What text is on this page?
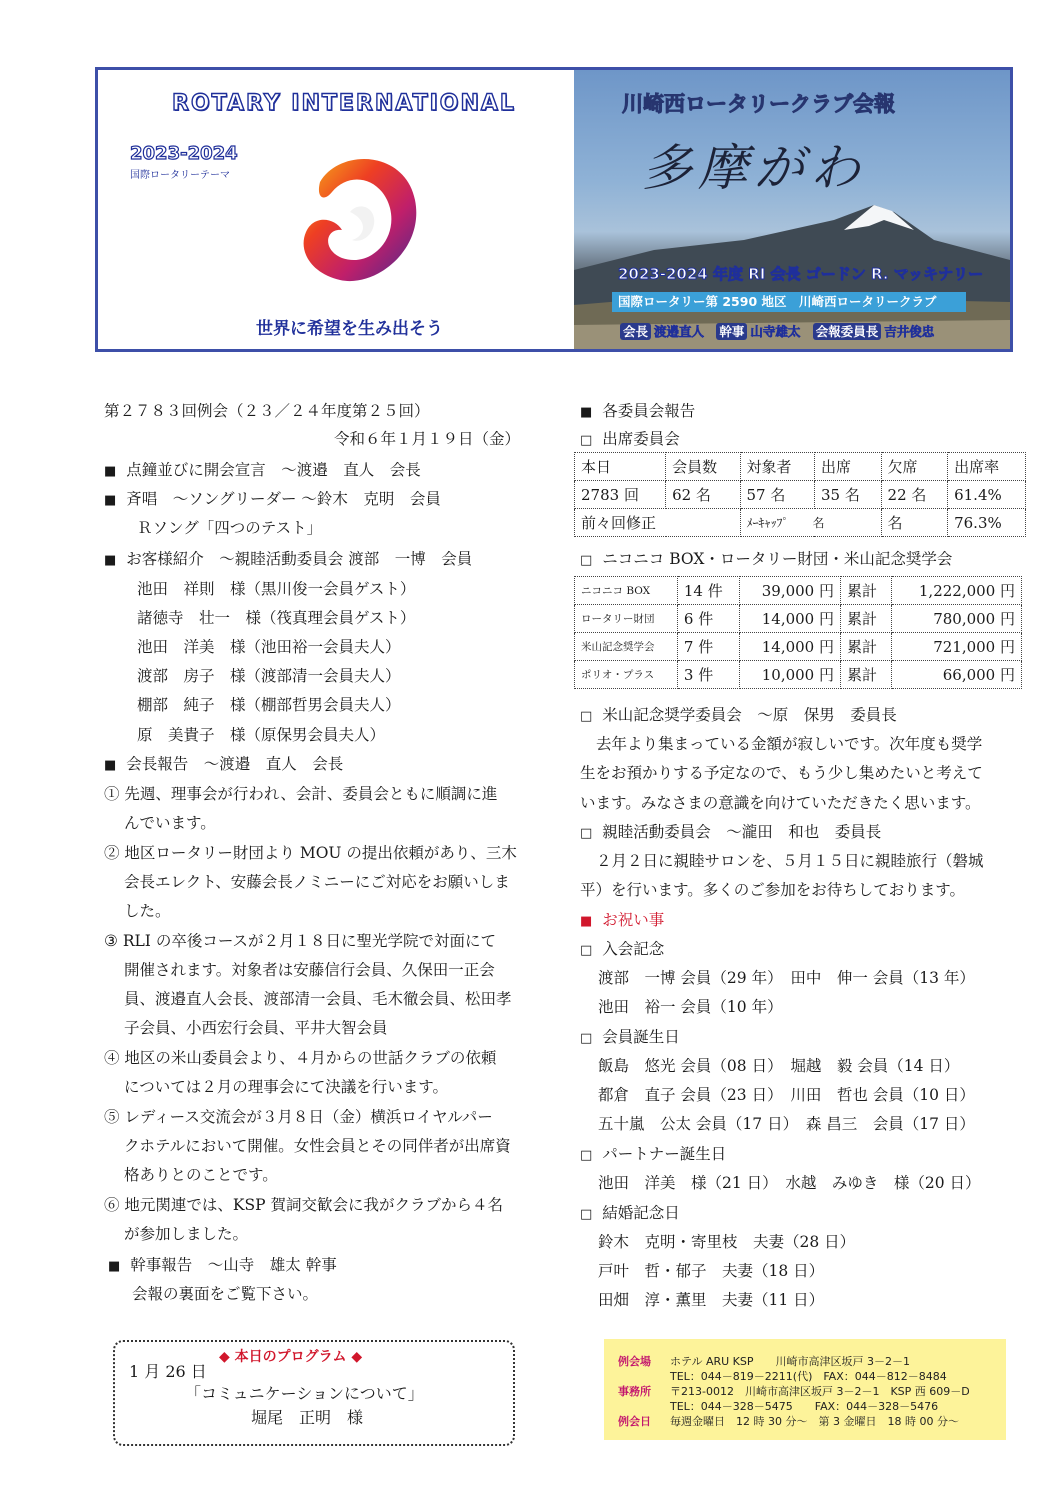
ROTARY INTERNATIONAL
2023-2024
国際ロータリーテーマ
世界に希望を生み出そう
川崎西ロータリークラブ会報
多摩がわ
2023-2024 年度 RI 会長 ゴードン R. マッキナリー
国際ロータリー第 2590 地区　川崎西ロータリークラブ
会長 渡邉直人 幹事 山寺雄太 会報委員長 吉井俊忠
第２７８３回例会（２３／２４年度第２５回）
令和６年１月１９日（金）
■ 点鐘並びに開会宣言　～渡邉　直人　会長
■ 斉唱　～ソングリーダー ～鈴木　克明　会員
Ｒソング「四つのテスト」
■ お客様紹介　～親睦活動委員会 渡部　一博　会員
池田　祥則　様（黒川俊一会員ゲスト）
諸徳寺　壮一　様（筏真理会員ゲスト）
池田　洋美　様（池田裕一会員夫人）
渡部　房子　様（渡部清一会員夫人）
棚部　純子　様（棚部哲男会員夫人）
原　美貴子　様（原保男会員夫人）
■ 会長報告　～渡邉　直人　会長
① 先週、理事会が行われ、会計、委員会ともに順調に進
んでいます。
② 地区ロータリー財団より MOU の提出依頼があり、三木
会長エレクト、安藤会長ノミニーにご対応をお願いしま
した。
③ RLI の卒後コースが２月１８日に聖光学院で対面にて
開催されます。対象者は安藤信行会員、久保田一正会
員、渡邉直人会長、渡部清一会員、毛木徹会員、松田孝
子会員、小西宏行会員、平井大智会員
④ 地区の米山委員会より、４月からの世話クラブの依頼
については２月の理事会にて決議を行います。
⑤ レディース交流会が３月８日（金）横浜ロイヤルパー
クホテルにおいて開催。女性会員とその同伴者が出席資
格ありとのことです。
⑥ 地元関連では、KSP 賀詞交歓会に我がクラブから４名
が参加しました。
■ 幹事報告　～山寺　雄太 幹事
会報の裏面をご覧下さい。
1 月 26 日
◆ 本日のプログラム ◆
「コミュニケーションについて」
堀尾　正明　様
■ 各委員会報告
□ 出席委員会
本日	会員数	対象者	出席	欠席	出席率
2783 回	62 名	57 名	35 名	22 名	61.4%
前々回修正		ﾒｰｷｬｯﾌﾟ　　名		名	76.3%
□ ニコニコ BOX・ロータリー財団・米山記念奨学会
ニコニコ BOX	14 件	39,000 円	累計	1,222,000 円
ロータリー財団	6 件	14,000 円	累計	780,000 円
米山記念奨学会	7 件	14,000 円	累計	721,000 円
ポリオ・プラス	3 件	10,000 円	累計	66,000 円
□ 米山記念奨学委員会　～原　保男　委員長
去年より集まっている金額が寂しいです。次年度も奨学
生をお預かりする予定なので、もう少し集めたいと考えて
います。みなさまの意識を向けていただきたく思います。
□ 親睦活動委員会　～瀧田　和也　委員長
２月２日に親睦サロンを、５月１５日に親睦旅行（磐城
平）を行います。多くのご参加をお待ちしております。
■ お祝い事
□ 入会記念
渡部　一博 会員（29 年）　田中　伸一 会員（13 年）
池田　裕一 会員（10 年）
□ 会員誕生日
飯島　悠光 会員（08 日）　堀越　毅 会員（14 日）
都倉　直子 会員（23 日）　川田　哲也 会員（10 日）
五十嵐　公太 会員（17 日）　森 昌三　会員（17 日）
□ パートナー誕生日
池田　洋美　様（21 日）　水越　みゆき　様（20 日）
□ 結婚記念日
鈴木　克明・寄里枝　夫妻（28 日）
戸叶　哲・郁子　夫妻（18 日）
田畑　淳・薫里　夫妻（11 日）
例会場 ホテル ARU KSP　　川崎市高津区坂戸 3－2－1
TEL：044－819－2211(代)　FAX：044－812－8484
事務所 〒213-0012　川崎市高津区坂戸 3－2－1　KSP 西 609－D
TEL：044－328－5475　　FAX：044－328－5476
例会日 毎週金曜日　12 時 30 分～　第 3 金曜日　18 時 00 分～
